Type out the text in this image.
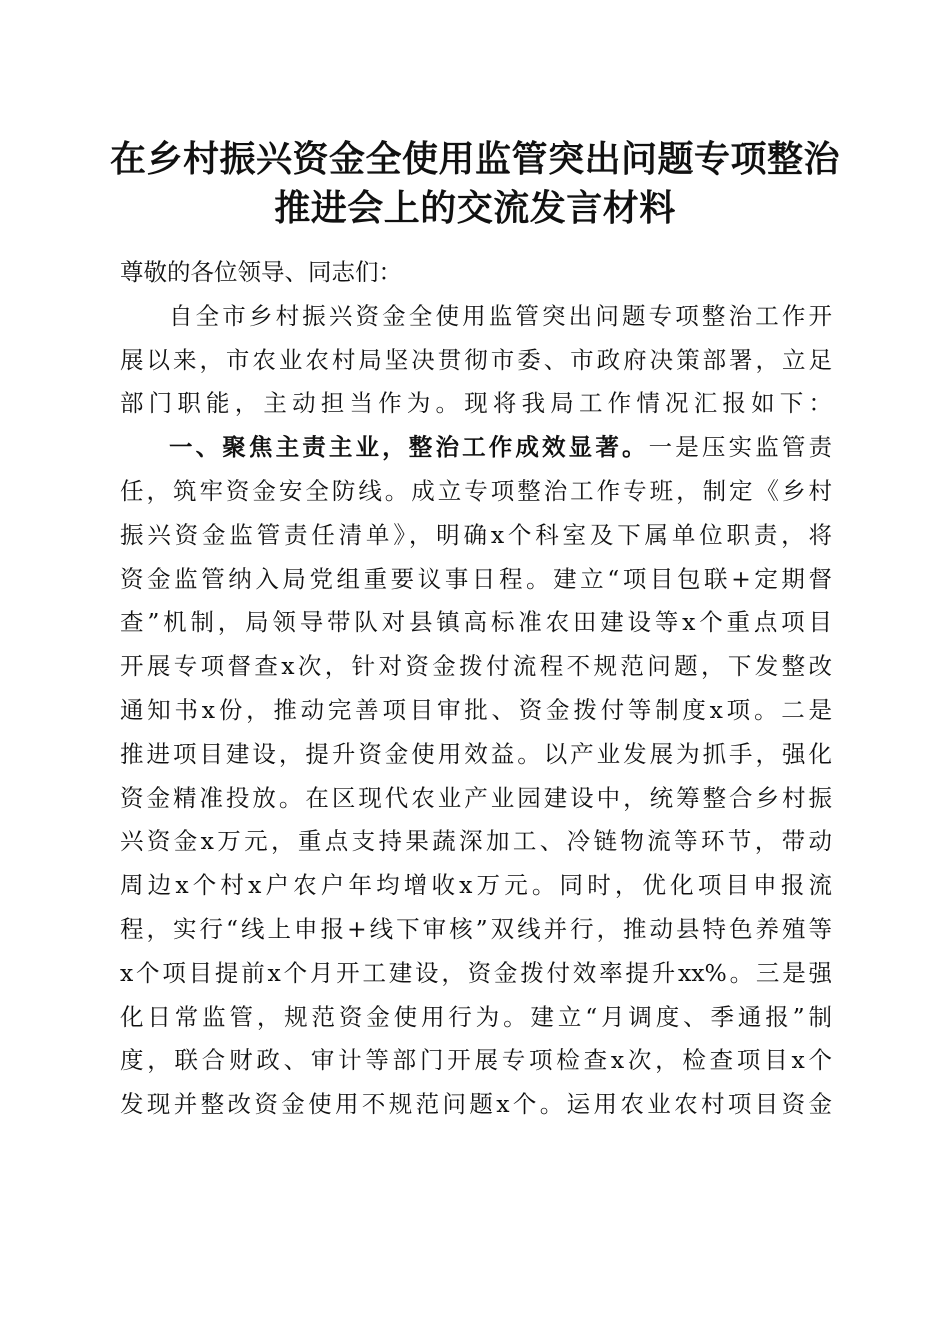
在乡村振兴资金全使用监管突出问题专项整治
推进会上的交流发言材料
尊敬的各位领导、同志们：
自全市乡村振兴资金全使用监管突出问题专项整治工作开
展以来，市农业农村局坚决贯彻市委、市政府决策部署，立足
部门职能，主动担当作为。现将我局工作情况汇报如下：
一、聚焦主责主业，整治工作成效显著。一是压实监管责
任，筑牢资金安全防线。成立专项整治工作专班，制定《乡村
振兴资金监管责任清单》，明确x个科室及下属单位职责，将
资金监管纳入局党组重要议事日程。建立“项目包联+定期督
查”机制，局领导带队对县镇高标准农田建设等x个重点项目
开展专项督查x次，针对资金拨付流程不规范问题，下发整改
通知书x份，推动完善项目审批、资金拨付等制度x项。二是
推进项目建设，提升资金使用效益。以产业发展为抓手，强化
资金精准投放。在区现代农业产业园建设中，统筹整合乡村振
兴资金x万元，重点支持果蔬深加工、冷链物流等环节，带动
周边x个村x户农户年均增收x万元。同时，优化项目申报流
程，实行“线上申报+线下审核”双线并行，推动县特色养殖等
x个项目提前x个月开工建设，资金拨付效率提升xx%。三是强
化日常监管，规范资金使用行为。建立“月调度、季通报”制
度，联合财政、审计等部门开展专项检查x次，检查项目x个
发现并整改资金使用不规范问题x个。运用农业农村项目资金
